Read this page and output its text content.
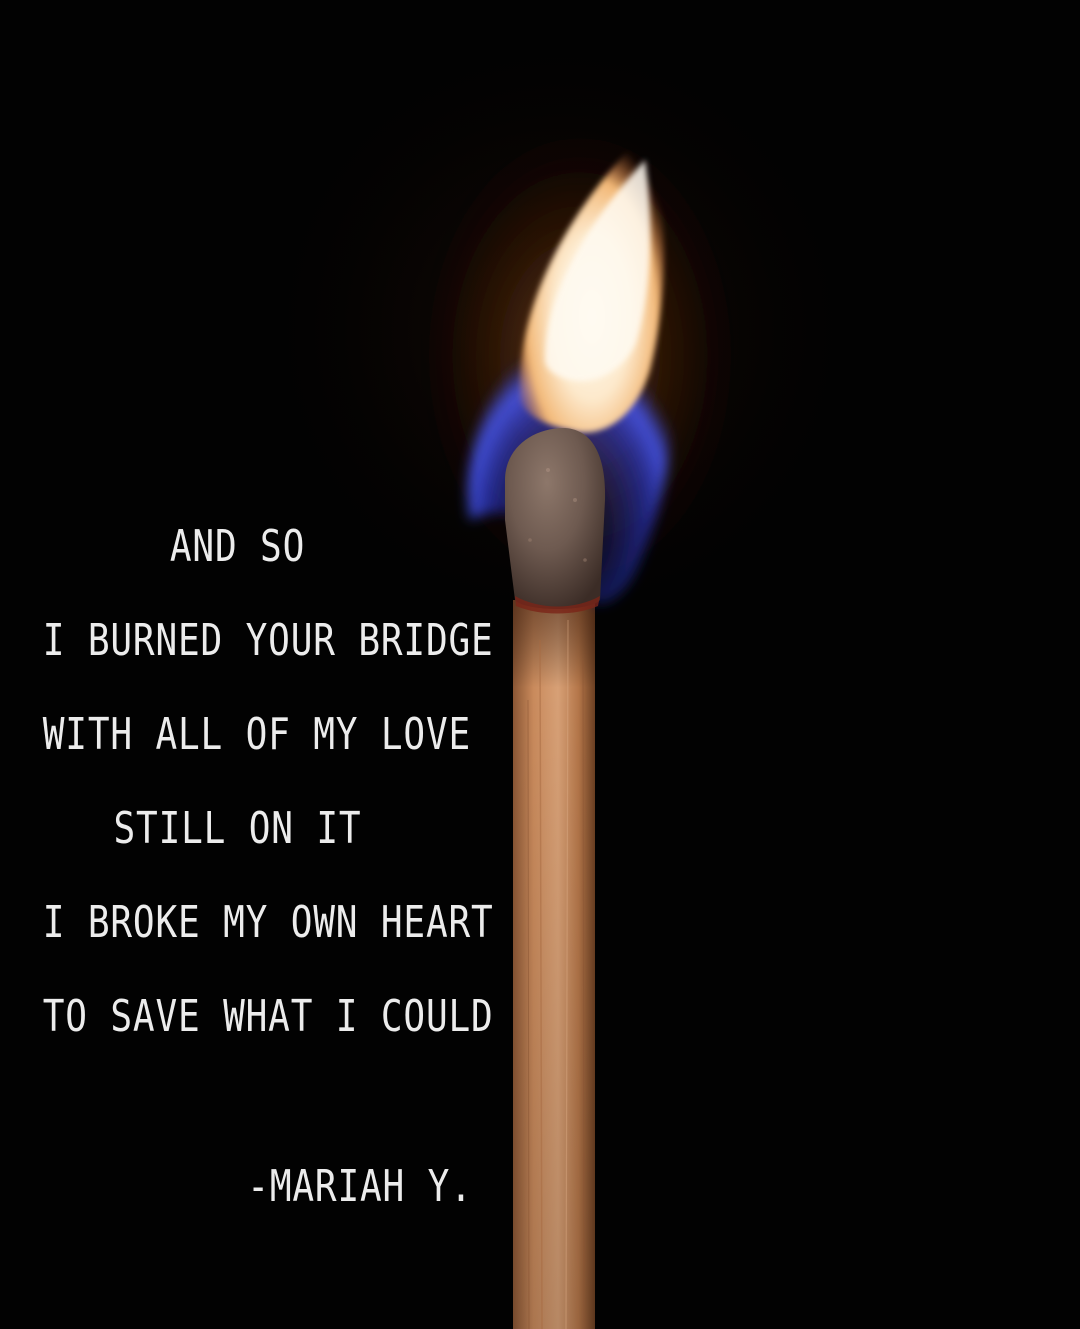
AND SO
I BURNED YOUR BRIDGE
WITH ALL OF MY LOVE
STILL ON IT
I BROKE MY OWN HEART
TO SAVE WHAT I COULD
-MARIAH Y.
